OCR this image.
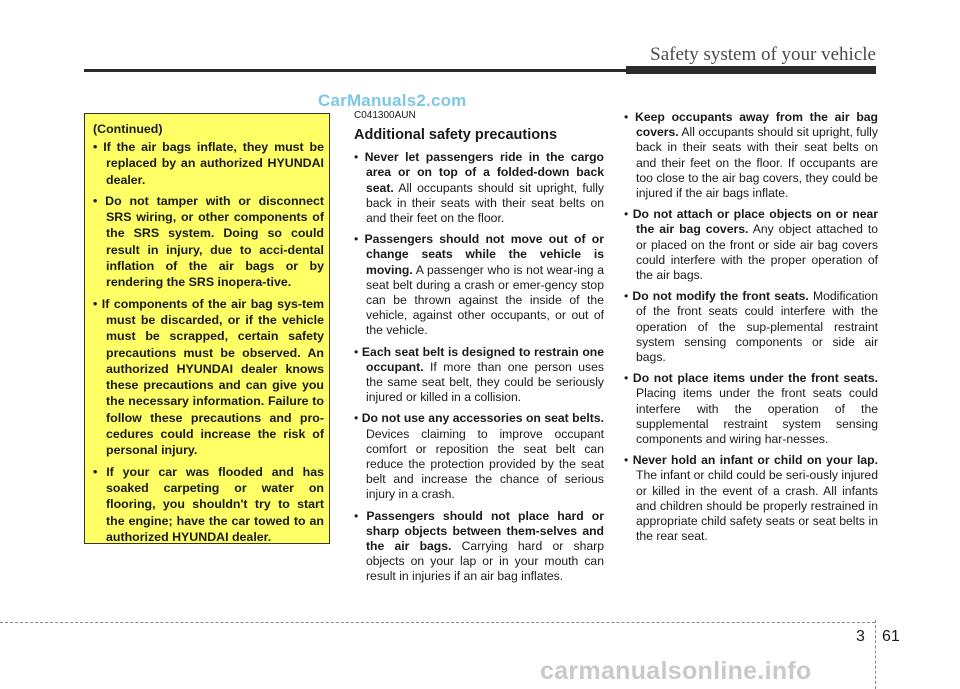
Safety system of your vehicle
CarManuals2.com

(Continued)

• If the air bags inflate, they must be replaced by an authorized HYUNDAI dealer.
• Do not tamper with or disconnect SRS wiring, or other components of the SRS system. Doing so could result in injury, due to acci-dental inflation of the air bags or by rendering the SRS inopera-tive.
• If components of the air bag sys-tem must be discarded, or if the vehicle must be scrapped, certain safety precautions must be observed. An authorized HYUNDAI dealer knows these precautions and can give you the necessary information. Failure to follow these precautions and pro-cedures could increase the risk of personal injury.
• If your car was flooded and has soaked carpeting or water on flooring, you shouldn't try to start the engine; have the car towed to an authorized HYUNDAI dealer.
C041300AUN
Additional safety precautions
• Never let passengers ride in the cargo area or on top of a folded-down back seat. All occupants should sit upright, fully back in their seats with their seat belts on and their feet on the floor.
• Passengers should not move out of or change seats while the vehicle is moving. A passenger who is not wear-ing a seat belt during a crash or emer-gency stop can be thrown against the inside of the vehicle, against other occupants, or out of the vehicle.
• Each seat belt is designed to restrain one occupant. If more than one person uses the same seat belt, they could be seriously injured or killed in a collision.
• Do not use any accessories on seat belts. Devices claiming to improve occupant comfort or reposition the seat belt can reduce the protection provided by the seat belt and increase the chance of serious injury in a crash.
• Passengers should not place hard or sharp objects between them-selves and the air bags. Carrying hard or sharp objects on your lap or in your mouth can result in injuries if an air bag inflates.
• Keep occupants away from the air bag covers. All occupants should sit upright, fully back in their seats with their seat belts on and their feet on the floor. If occupants are too close to the air bag covers, they could be injured if the air bags inflate.
• Do not attach or place objects on or near the air bag covers. Any object attached to or placed on the front or side air bag covers could interfere with the proper operation of the air bags.
• Do not modify the front seats. Modification of the front seats could interfere with the operation of the sup-plemental restraint system sensing components or side air bags.
• Do not place items under the front seats. Placing items under the front seats could interfere with the operation of the supplemental restraint system sensing components and wiring har-nesses.
• Never hold an infant or child on your lap. The infant or child could be seri-ously injured or killed in the event of a crash. All infants and children should be properly restrained in appropriate child safety seats or seat belts in the rear seat.
3 61
carmanualsonline.info
